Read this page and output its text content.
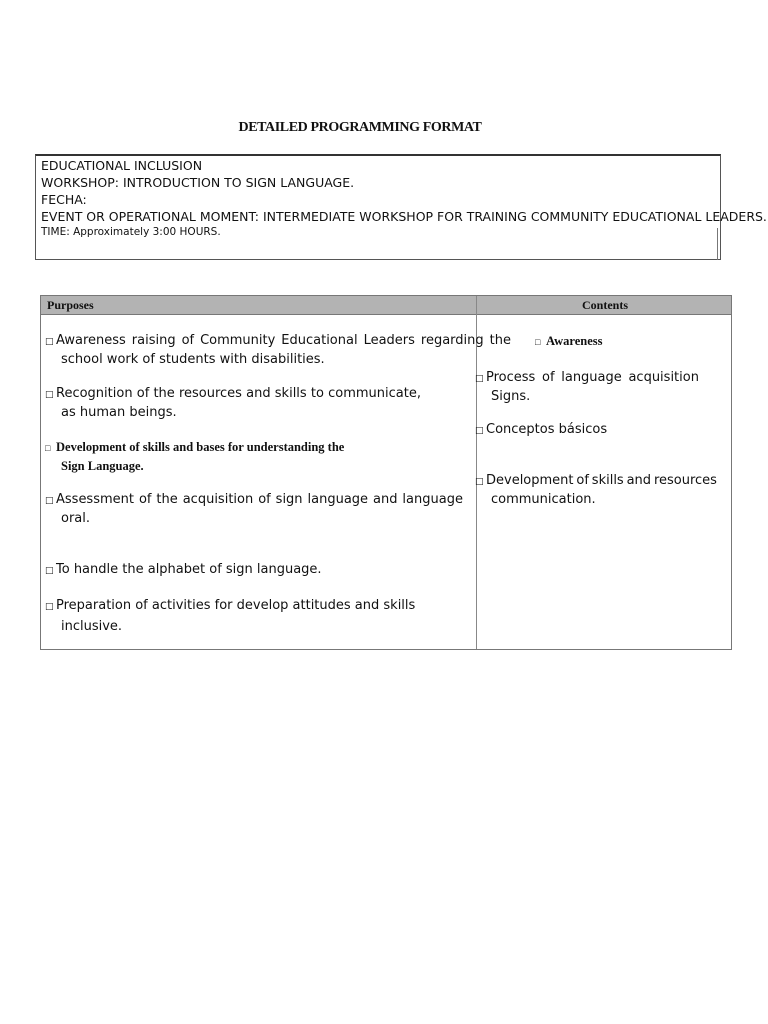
DETAILED PROGRAMMING FORMAT
EDUCATIONAL INCLUSION
WORKSHOP: INTRODUCTION TO SIGN LANGUAGE.
FECHA:
EVENT OR OPERATIONAL MOMENT: INTERMEDIATE WORKSHOP FOR TRAINING COMMUNITY EDUCATIONAL LEADERS.
TIME: Approximately 3:00 HOURS.
Purposes	Contents
□ Awareness raising of Community Educational Leaders regarding the
school work of students with disabilities.
□ Recognition of the resources and skills to communicate,
as human beings.
□ Development of skills and bases for understanding the
Sign Language.
□ Assessment of the acquisition of sign language and language
oral.
□ To handle the alphabet of sign language.
□ Preparation of activities for develop attitudes and skills
inclusive.
□ Awareness
□ Process of language acquisition
Signs.
□ Conceptos básicos
□ Development of skills and resources
communication.
